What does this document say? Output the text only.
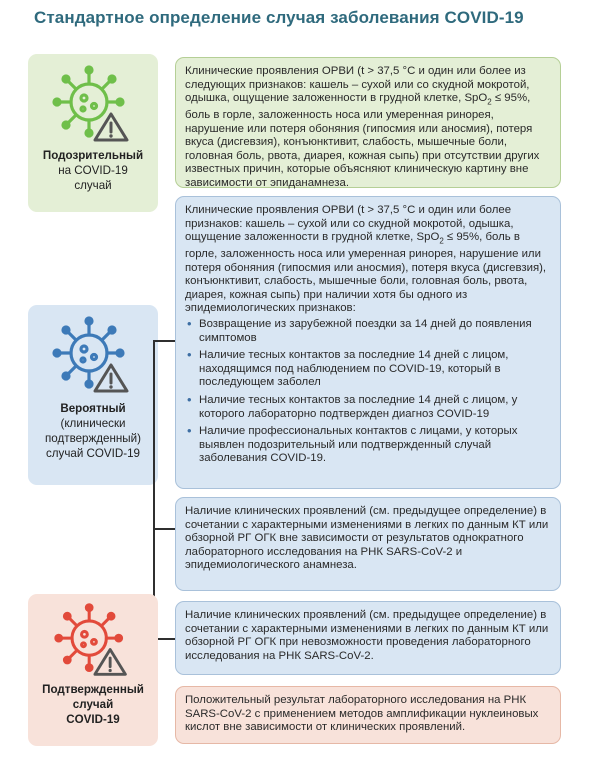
Стандартное определение случая заболевания COVID-19
Подозрительный
на COVID-19
случай
Клинические проявления ОРВИ (t > 37,5 °С и один или более из следующих признаков: кашель – сухой или со скудной мокротой, одышка, ощущение заложенности в грудной клетке, SpO$_2$ ≤ 95%, боль в горле, заложенность носа или умеренная ринорея, нарушение или потеря обоняния (гипосмия или аносмия), потеря вкуса (дисгевзия), конъюнктивит, слабость, мышечные боли, головная боль, рвота, диарея, кожная сыпь) при отсутствии других известных причин, которые объясняют клиническую картину вне зависимости от эпиданамнеза.
Вероятный
(клинически
подтвержденный)
случай COVID-19
Клинические проявления ОРВИ (t > 37,5 °С и один или более признаков: кашель – сухой или со скудной мокротой, одышка, ощущение заложенности в грудной клетке, SpO$_2$ ≤ 95%, боль в горле, заложенность носа или умеренная ринорея, нарушение или потеря обоняния (гипосмия или аносмия), потеря вкуса (дисгевзия), конъюнктивит, слабость, мышечные боли, головная боль, рвота, диарея, кожная сыпь) при наличии хотя бы одного из эпидемиологических признаков:
• Возвращение из зарубежной поездки за 14 дней до появления симптомов
• Наличие тесных контактов за последние 14 дней с лицом, находящимся под наблюдением по COVID-19, который в последующем заболел
• Наличие тесных контактов за последние 14 дней с лицом, у которого лабораторно подтвержден диагноз COVID-19
• Наличие профессиональных контактов с лицами, у которых выявлен подозрительный или подтвержденный случай заболевания COVID-19.
Наличие клинических проявлений (см. предыдущее определение) в сочетании с характерными изменениями в легких по данным КТ или обзорной РГ ОГК вне зависимости от результатов однократного лабораторного исследования на РНК SARS-CoV-2 и эпидемиологического анамнеза.
Наличие клинических проявлений (см. предыдущее определение) в сочетании с характерными изменениями в легких по данным КТ или обзорной РГ ОГК при невозможности проведения лабораторного исследования на РНК SARS-CoV-2.
Подтвержденный
случай
COVID-19
Положительный результат лабораторного исследования на РНК SARS-CoV-2 с применением методов амплификации нуклеиновых кислот вне зависимости от клинических проявлений.
